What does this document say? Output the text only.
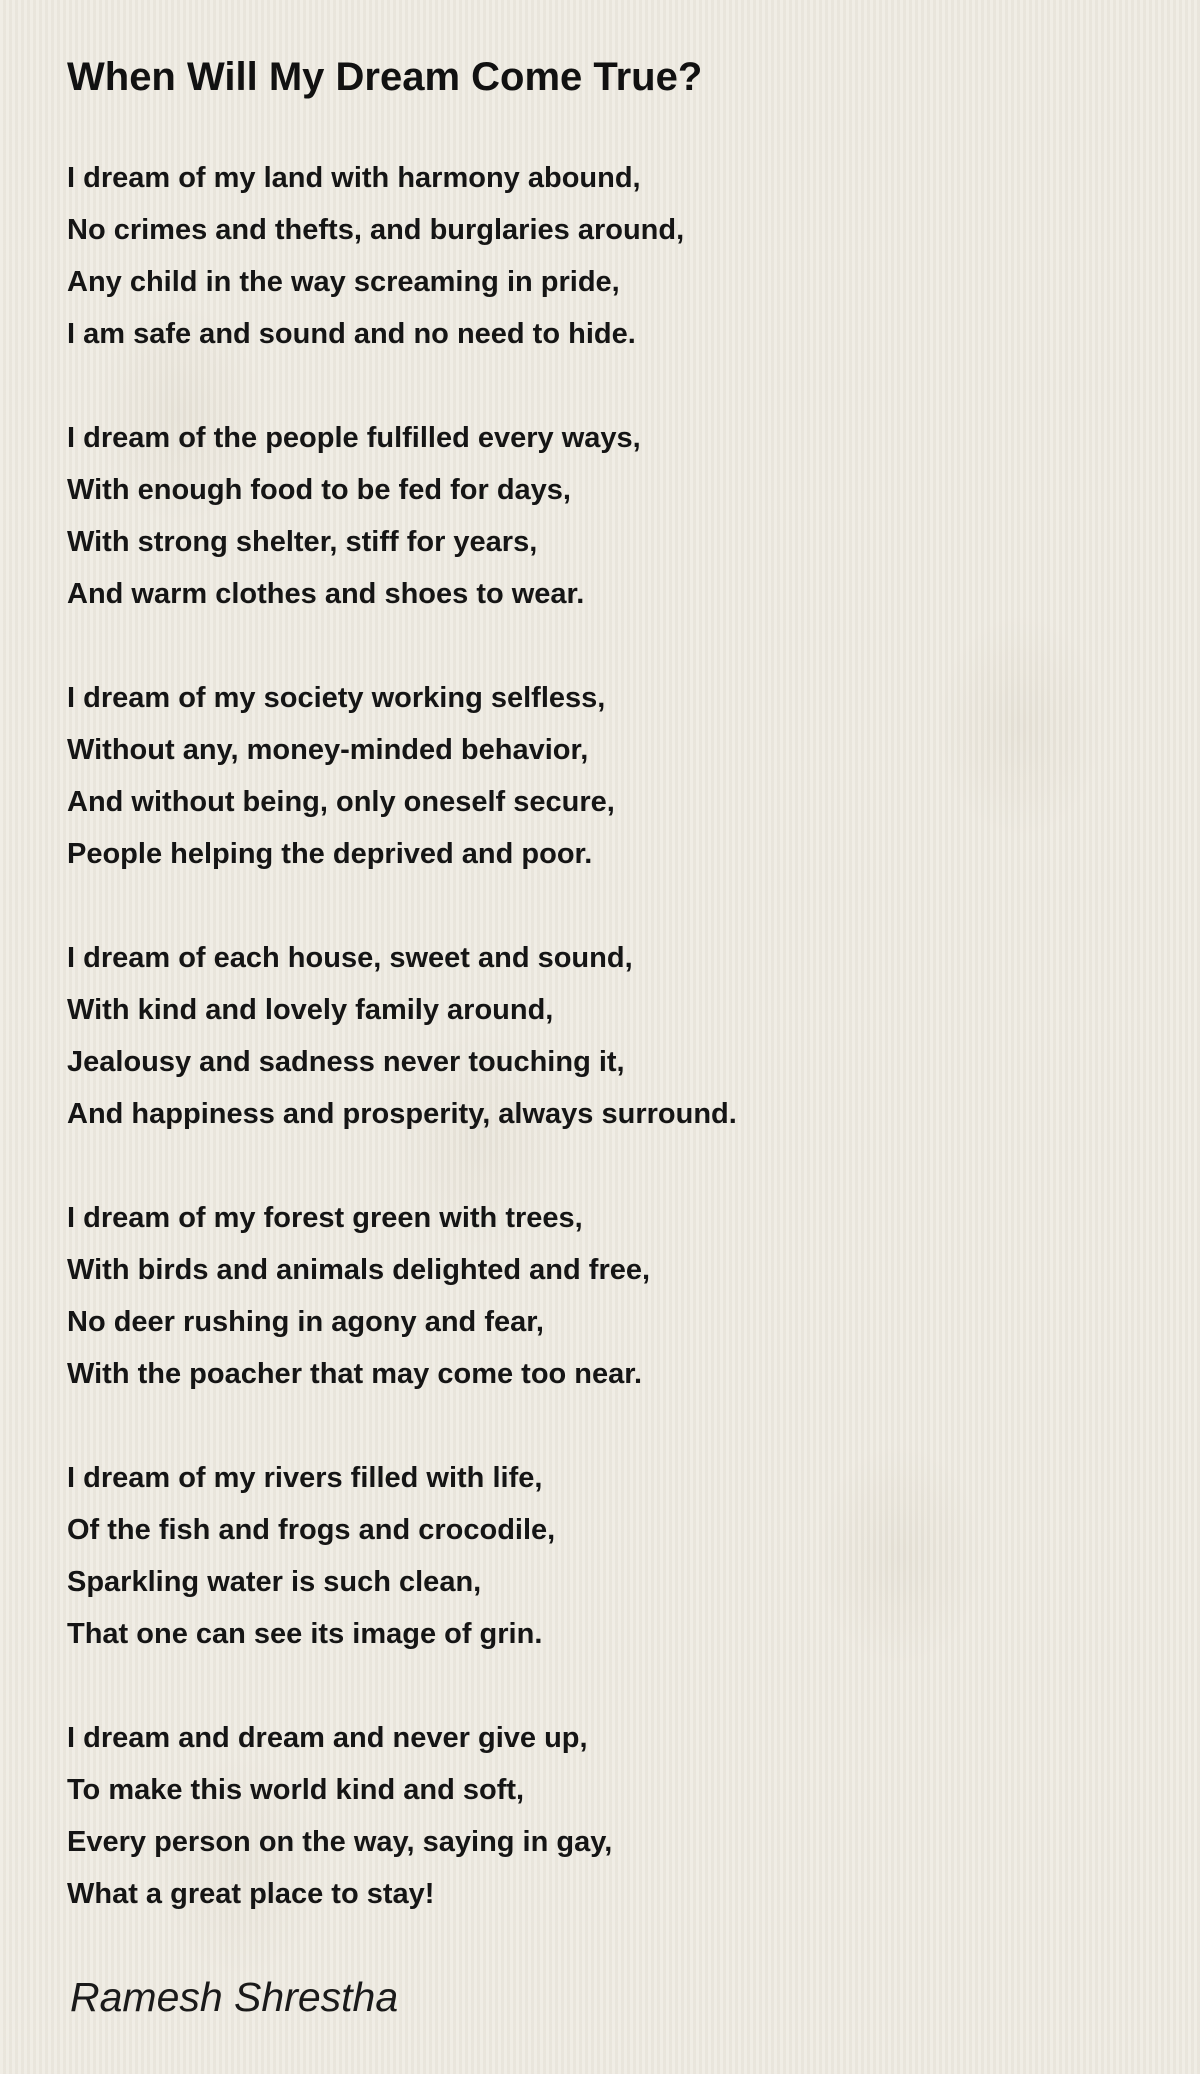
When Will My Dream Come True?

I dream of my land with harmony abound,
No crimes and thefts, and burglaries around,
Any child in the way screaming in pride,
I am safe and sound and no need to hide.

I dream of the people fulfilled every ways,
With enough food to be fed for days,
With strong shelter, stiff for years,
And warm clothes and shoes to wear.

I dream of my society working selfless,
Without any, money-minded behavior,
And without being, only oneself secure,
People helping the deprived and poor.

I dream of each house, sweet and sound,
With kind and lovely family around,
Jealousy and sadness never touching it,
And happiness and prosperity, always surround.

I dream of my forest green with trees,
With birds and animals delighted and free,
No deer rushing in agony and fear,
With the poacher that may come too near.

I dream of my rivers filled with life,
Of the fish and frogs and crocodile,
Sparkling water is such clean,
That one can see its image of grin.

I dream and dream and never give up,
To make this world kind and soft,
Every person on the way, saying in gay,
What a great place to stay!

Ramesh Shrestha
